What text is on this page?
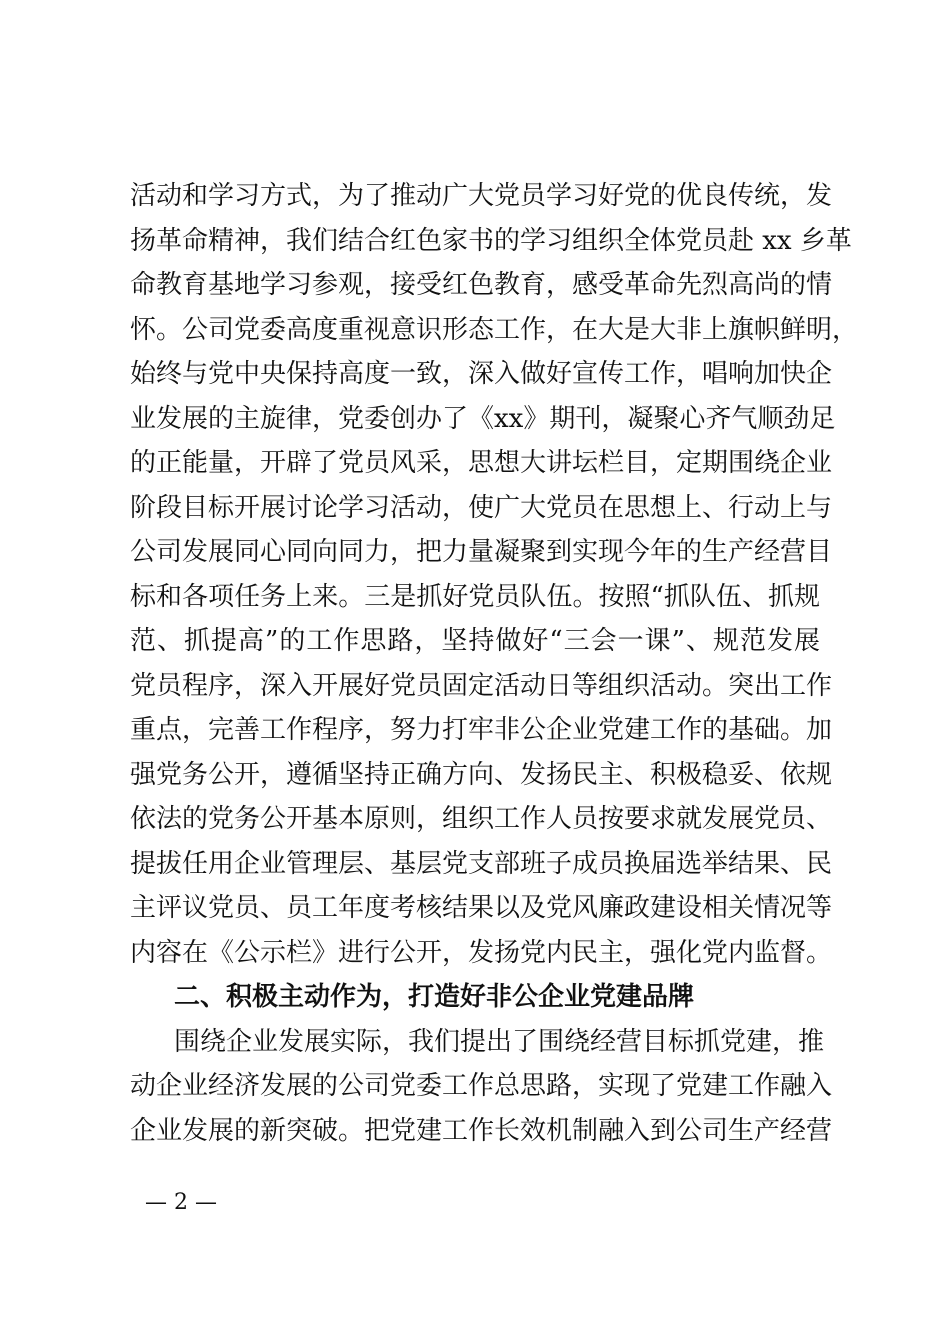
活动和学习方式，为了推动广大党员学习好党的优良传统，发
扬革命精神，我们结合红色家书的学习组织全体党员赴 xx 乡革
命教育基地学习参观，接受红色教育，感受革命先烈高尚的情
怀。公司党委高度重视意识形态工作，在大是大非上旗帜鲜明，
始终与党中央保持高度一致，深入做好宣传工作，唱响加快企
业发展的主旋律，党委创办了《xx》期刊，凝聚心齐气顺劲足
的正能量，开辟了党员风采，思想大讲坛栏目，定期围绕企业
阶段目标开展讨论学习活动，使广大党员在思想上、行动上与
公司发展同心同向同力，把力量凝聚到实现今年的生产经营目
标和各项任务上来。三是抓好党员队伍。按照“抓队伍、抓规
范、抓提高”的工作思路，坚持做好“三会一课”、规范发展
党员程序，深入开展好党员固定活动日等组织活动。突出工作
重点，完善工作程序，努力打牢非公企业党建工作的基础。加
强党务公开，遵循坚持正确方向、发扬民主、积极稳妥、依规
依法的党务公开基本原则，组织工作人员按要求就发展党员、
提拔任用企业管理层、基层党支部班子成员换届选举结果、民
主评议党员、员工年度考核结果以及党风廉政建设相关情况等
内容在《公示栏》进行公开，发扬党内民主，强化党内监督。
二、积极主动作为，打造好非公企业党建品牌
围绕企业发展实际，我们提出了围绕经营目标抓党建，推
动企业经济发展的公司党委工作总思路，实现了党建工作融入
企业发展的新突破。把党建工作长效机制融入到公司生产经营
— 2 —
